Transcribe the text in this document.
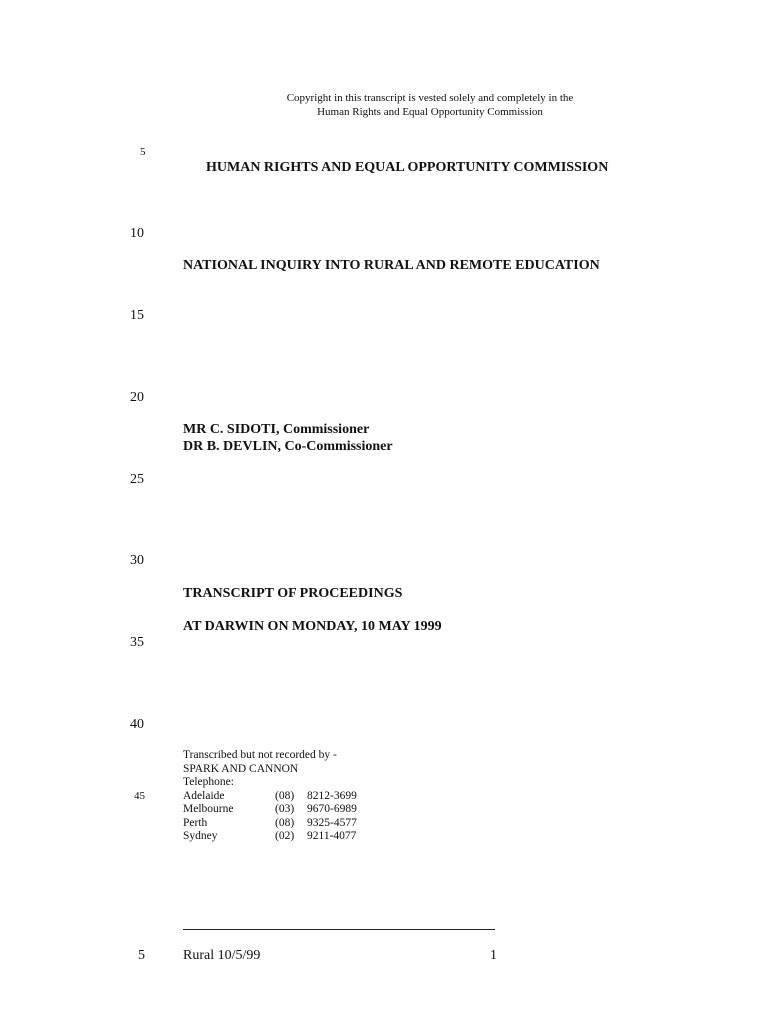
Copyright in this transcript is vested solely and completely in the
Human Rights and Equal Opportunity Commission
5
10
15
20
25
30
35
40
45
HUMAN RIGHTS AND EQUAL OPPORTUNITY COMMISSION
NATIONAL INQUIRY INTO RURAL AND REMOTE EDUCATION
MR C. SIDOTI, Commissioner
DR B. DEVLIN, Co-Commissioner
TRANSCRIPT OF PROCEEDINGS
AT DARWIN ON MONDAY, 10 MAY 1999
Transcribed but not recorded by -
SPARK AND CANNON
Telephone:
Adelaide	(08)	8212-3699
Melbourne	(03)	9670-6989
Perth	(08)	9325-4577
Sydney	(02)	9211-4077
5	Rural 10/5/99	1
